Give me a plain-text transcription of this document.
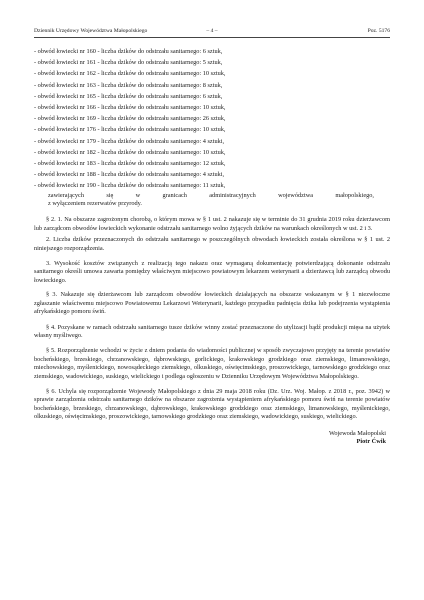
Dziennik Urzędowy Województwa Małopolskiego	– 4 –	Poz. 5176
- obwód łowiecki nr 160 - liczba dzików do odstrzału sanitarnego: 6 sztuk,
- obwód łowiecki nr 161 - liczba dzików do odstrzału sanitarnego: 5 sztuk,
- obwód łowiecki nr 162 - liczba dzików do odstrzału sanitarnego: 10 sztuk,
- obwód łowiecki nr 163 - liczba dzików do odstrzału sanitarnego: 8 sztuk,
- obwód łowiecki nr 165 - liczba dzików do odstrzału sanitarnego: 6 sztuk,
- obwód łowiecki nr 166 - liczba dzików do odstrzału sanitarnego: 10 sztuk,
- obwód łowiecki nr 169 - liczba dzików do odstrzału sanitarnego: 26 sztuk,
- obwód łowiecki nr 176 - liczba dzików do odstrzału sanitarnego: 10 sztuk,
- obwód łowiecki nr 179 - liczba dzików do odstrzału sanitarnego: 4 sztuki,
- obwód łowiecki nr 182 - liczba dzików do odstrzału sanitarnego: 10 sztuk,
- obwód łowiecki nr 183 - liczba dzików do odstrzału sanitarnego: 12 sztuk,
- obwód łowiecki nr 188 - liczba dzików do odstrzału sanitarnego: 4 sztuki,
- obwód łowiecki nr 190 - liczba dzików do odstrzału sanitarnego: 11 sztuk,
zawierających	się	w	granicach	administracyjnych	województwa	małopolskiego,
z wyłączeniem rezerwatów przyrody.

§ 2. 1. Na obszarze zagrożonym chorobą, o którym mowa w § 1 ust. 2 nakazuje się w terminie do 31 grudnia 2019 roku dzierżawcom lub zarządcom obwodów łowieckich wykonanie odstrzału sanitarnego wolno żyjących dzików na warunkach określonych w ust. 2 i 3.

2. Liczba dzików przeznaczonych do odstrzału sanitarnego w poszczególnych obwodach łowieckich została określona w § 1 ust. 2 niniejszego rozporządzenia.

3. Wysokość kosztów związanych z realizacją tego nakazu oraz wymaganą dokumentację potwierdzającą dokonanie odstrzału sanitarnego określi umowa zawarta pomiędzy właściwym miejscowo powiatowym lekarzem weterynarii a dzierżawcą lub zarządcą obwodu łowieckiego.

§ 3. Nakazuje się dzierżawcom lub zarządcom obwodów łowieckich działających na obszarze wskazanym w § 1 niezwłoczne zgłaszanie właściwemu miejscowo Powiatowemu Lekarzowi Weterynarii, każdego przypadku padnięcia dzika lub podejrzenia wystąpienia afrykańskiego pomoru świń.

§ 4. Pozyskane w ramach odstrzału sanitarnego tusze dzików winny zostać przeznaczone do utylizacji bądź produkcji mięsa na użytek własny myśliwego.

§ 5. Rozporządzenie wchodzi w życie z dniem podania do wiadomości publicznej w sposób zwyczajowo przyjęty na terenie powiatów bocheńskiego, brzeskiego, chrzanowskiego, dąbrowskiego, gorlickiego, krakowskiego grodzkiego oraz ziemskiego, limanowskiego, miechowskiego, myślenickiego, nowosądeckiego ziemskiego, olkuskiego, oświęcimskiego, proszowickiego, tarnowskiego grodzkiego oraz ziemskiego, wadowickiego, suskiego, wielickiego i podlega ogłoszeniu w Dzienniku Urzędowym Województwa Małopolskiego.

§ 6. Uchyla się rozporządzenie Wojewody Małopolskiego z dnia 29 maja 2018 roku (Dz. Urz. Woj. Małop. z 2018 r., poz. 3942) w sprawie zarządzenia odstrzału sanitarnego dzików na obszarze zagrożenia wystąpieniem afrykańskiego pomoru świń na terenie powiatów bocheńskiego, brzeskiego, chrzanowskiego, dąbrowskiego, krakowskiego grodzkiego oraz ziemskiego, limanowskiego, myślenickiego, olkuskiego, oświęcimskiego, proszowickiego, tarnowskiego grodzkiego oraz ziemskiego, wadowickiego, suskiego, wielickiego.

Wojewoda Małopolski
Piotr Ćwik
